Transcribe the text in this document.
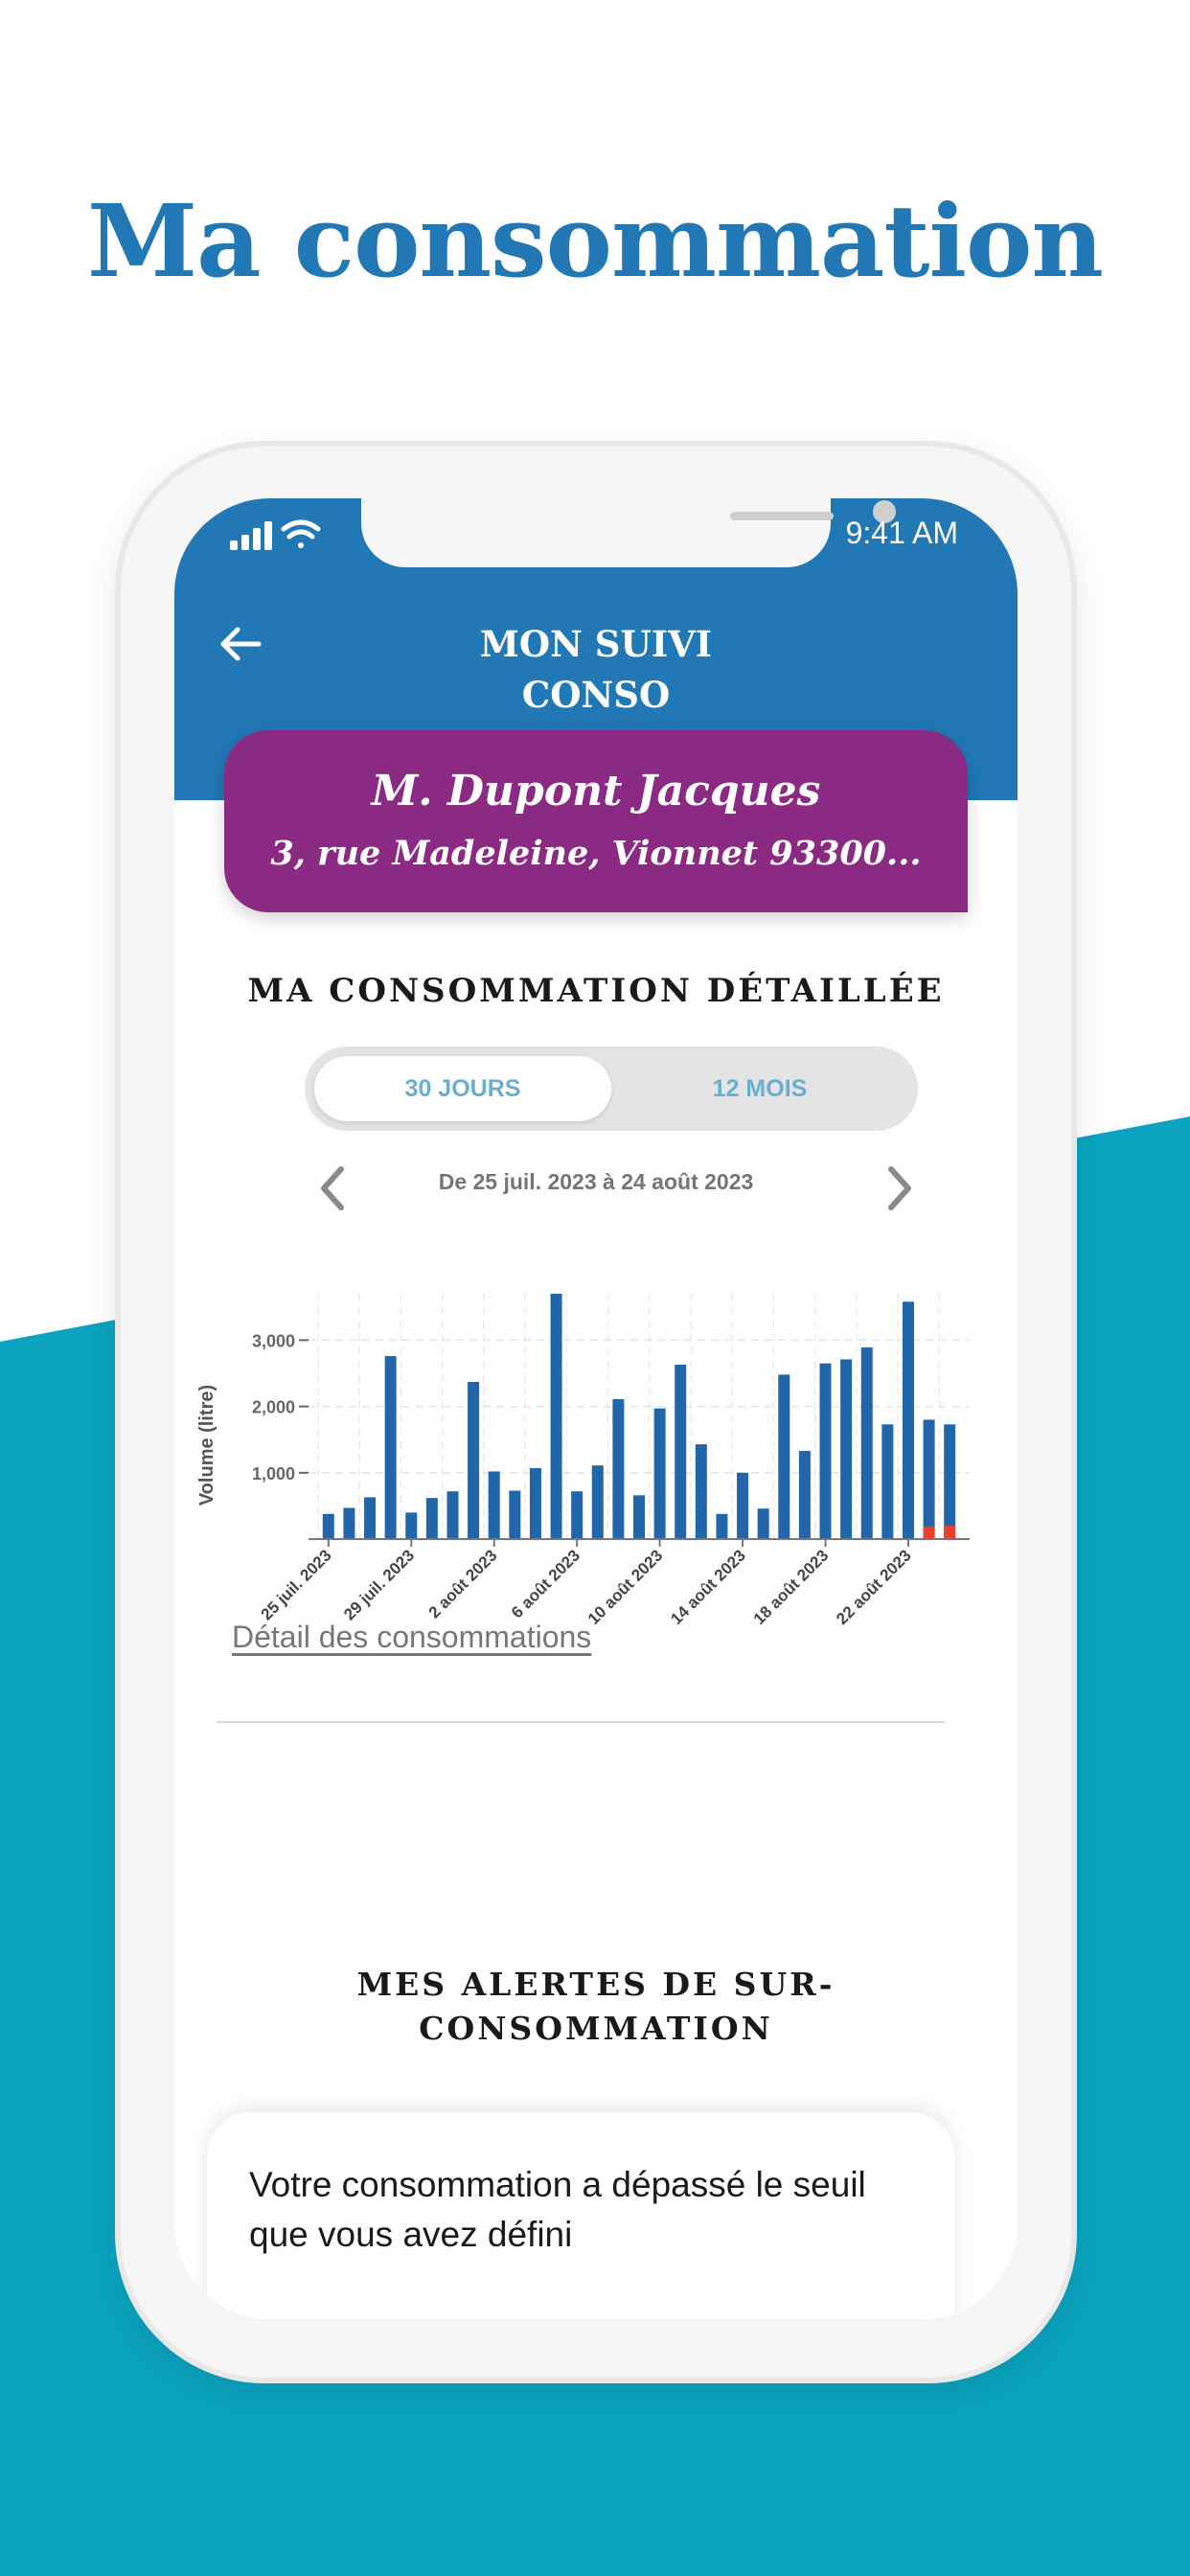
Ma consommation
9:41 AM
MON SUIVI
CONSO
M. Dupont Jacques
3, rue Madeleine, Vionnet 93300...
MA CONSOMMATION DÉTAILLÉE
30 JOURS	12 MOIS
De 25 juil. 2023 à 24 août 2023
1,000
2,000
3,000
Volume (litre)
25 juil. 2023 29 juil. 2023 2 août 2023 6 août 2023 10 août 2023 14 août 2023 18 août 2023 22 août 2023
Détail des consommations
MES ALERTES DE SUR-
CONSOMMATION
Votre consommation a dépassé le seuil que vous avez défini
